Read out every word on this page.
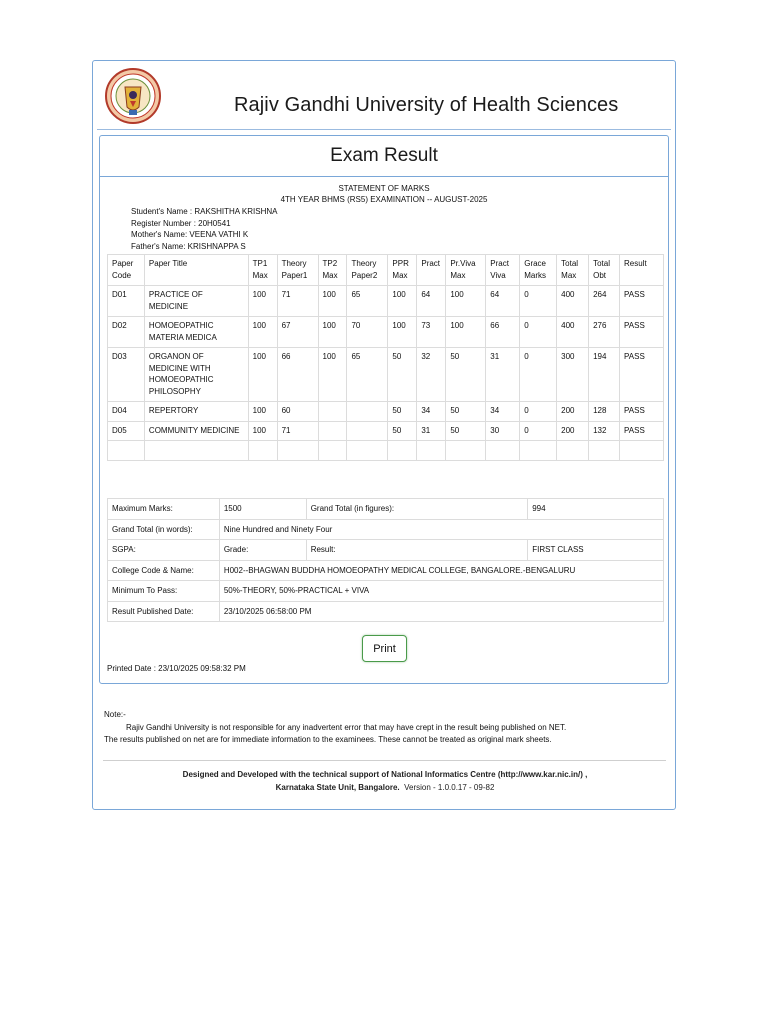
Rajiv Gandhi University of Health Sciences
Exam Result
STATEMENT OF MARKS
4TH YEAR BHMS (RS5) EXAMINATION -- AUGUST-2025
Student's Name : RAKSHITHA KRISHNA
Register Number : 20H0541
Mother's Name: VEENA VATHI K
Father's Name: KRISHNAPPA S
Paper Code	Paper Title	TP1 Max	Theory Paper1	TP2 Max	Theory Paper2	PPR Max	Pract	Pr.Viva Max	Pract Viva	Grace Marks	Total Max	Total Obt	Result
D01	PRACTICE OF MEDICINE	100	71	100	65	100	64	100	64	0	400	264	PASS
D02	HOMOEOPATHIC MATERIA MEDICA	100	67	100	70	100	73	100	66	0	400	276	PASS
D03	ORGANON OF MEDICINE WITH HOMOEOPATHIC PHILOSOPHY	100	66	100	65	50	32	50	31	0	300	194	PASS
D04	REPERTORY	100	60			50	34	50	34	0	200	128	PASS
D05	COMMUNITY MEDICINE	100	71			50	31	50	30	0	200	132	PASS

Maximum Marks:	1500	Grand Total (in figures):	994
Grand Total (in words):	Nine Hundred and Ninety Four		
SGPA:	Grade:	Result:	FIRST CLASS
College Code & Name:	H002--BHAGWAN BUDDHA HOMOEOPATHY MEDICAL COLLEGE, BANGALORE.-BENGALURU		
Minimum To Pass:	50%-THEORY, 50%-PRACTICAL + VIVA		
Result Published Date:	23/10/2025 06:58:00 PM		
Print
Printed Date : 23/10/2025 09:58:32 PM
Note:-
Rajiv Gandhi University is not responsible for any inadvertent error that may have crept in the result being published on NET.
The results published on net are for immediate information to the examinees. These cannot be treated as original mark sheets.
Designed and Developed with the technical support of National Informatics Centre (http://www.kar.nic.in/) ,
Karnataka State Unit, Bangalore. Version - 1.0.0.17 - 09-82
